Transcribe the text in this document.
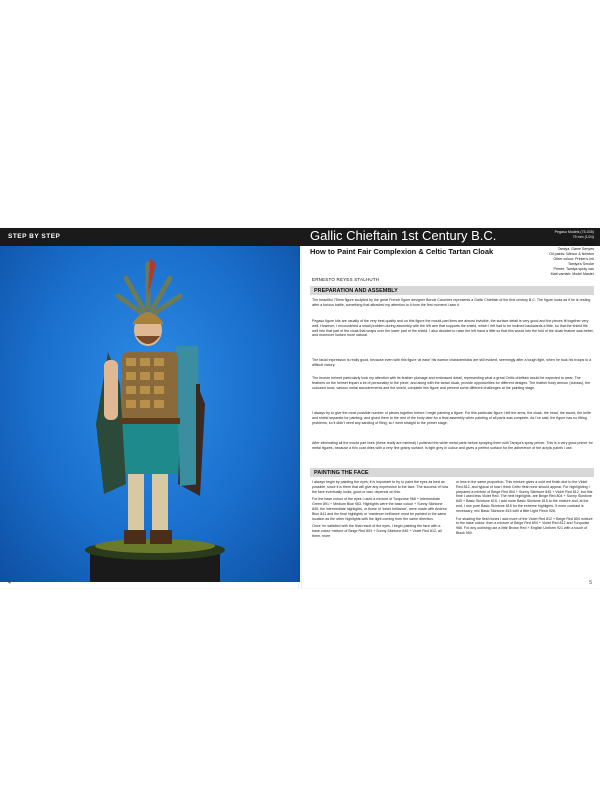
STEP BY STEP
4
Gallic Chieftain 1st Century B.C.	Pegaso Models (75-035)
75 mm (1/24)
Acrylic colours: Vallejo
Tamiya, Game Senyes
Oil paints: Winsor & Newton
Other colour: Printer's Ink
Tamiya's Smoke
Primer: Tamiya spray can
Matt varnish: Model Master
How to Paint Fair Complexion & Celtic Tartan Cloak
ERNESTO REYES STALHUTH
PREPARATION AND ASSEMBLY

The beautiful 75mm figure sculpted by the great French figure designer Benoit Cauchies represents a Gallic Chieftain of the first century B.C. The figure looks as if he is resting after a furious battle, something that attracted my attention to it from the first moment I saw it.

Pegaso figure kits are usually of the very best quality and on this figure the mould-part lines are almost invisible, the surface detail is very good and the pieces fit together very well. However, I encountered a small problem during assembly with the left arm that supports the shield, which I felt had to be inclined backwards a little, so that the shield fits well into that part of the cloak that wraps over the lower part of the shield. I also decided to raise the left hand a little so that this would into the fold of the cloak feature was better, and moreover looked more natural.

The facial expression is really good, because even with this figure 'at ease' his warrior characteristics are still evident, seemingly after a tough fight, when he took his troops to a difficult victory.

The bronze helmet particularly took my attention with its feather plumage and embossed detail, representing what a great Celtic chieftain would be expected to wear. The feathers on the helmet impart a lot of personality to the piece, and along with the tartan cloak, provide opportunities for different designs. The leather body armour (cuirass), the coloured tunic, various metal accoutrements and the shield, complete this figure and present some different challenges at the painting stage.

I always try to give the most possible number of pieces together before I begin painting a figure. For this particular figure I left the arms, the cloak, the head, the sword, the knife and shield separate for painting, and glued them to the rest of the body later for a final assembly when painting of all parts was complete. As I've said, the figure has no fitting problems, so it didn't need any sanding of filing, so I went straight to the primer stage.

After eliminating all the mould part lines (these really are minimal) I polished the white metal parts before spraying them with Tamiya's spray primer. This is a very good primer for metal figures, because a thin coat dries with a very fine grainy surface, is light grey in colour and gives a perfect surface for the adherence of the acrylic paints I use.

PAINTING THE FACE

I always begin by painting the eyes; it is important to try to paint the eyes as best as possible, since it is them that will give any expression to the face. The success of how the face eventually looks, good or bad, depends on this.

For the base colour of the eyes I used a mixture of Turquoise 966 + Intermediate Green 891 + Medium Blue 963. Highlights were the base colour + Sunny Skintone 845; the intermediate highlights, or those of 'lower brilliance', were made with Andrea Blue 841 and the final highlights or 'maximum brilliance' must be painted in the same location as the other highlights with the light coming from the same direction.

Once I'm satisfied with the final result of the eyes, I begin painting the face with a base colour mixture of Beige Red 804 + Sunny Skintone 845 + Violet Red 812, all them, more

or less in the same proportion. This mixture gives a cold red finish due to the Violet Red 812, and typical of how I think Celtic flesh tone should appear. For highlighting I prepared a mixture of Beige Red 804 + Sunny Skintone 845 + Violet Red 812, but this time I used less Violet Red. The next highlights, are Beige Red 804 + Sunny Skintone 845 + Basic Skintone 815. I add more Basic Skintone 815 to the mixture and, at the end, I use pure Basic Skintone 815 for the extreme highlights. If more contrast is necessary, mix Basic Skintone 815 with a little Light Flesh 928.

For shading the flesh tones I add more of the Violet Red 812 + Beige Red 804 mixture to the base colour, then a mixture of Beige Red 804 + Violet Red 812 and Turquoise 966. For any outlining use a little Brown Red + English Uniform 921 with a touch of Black 950.

5
